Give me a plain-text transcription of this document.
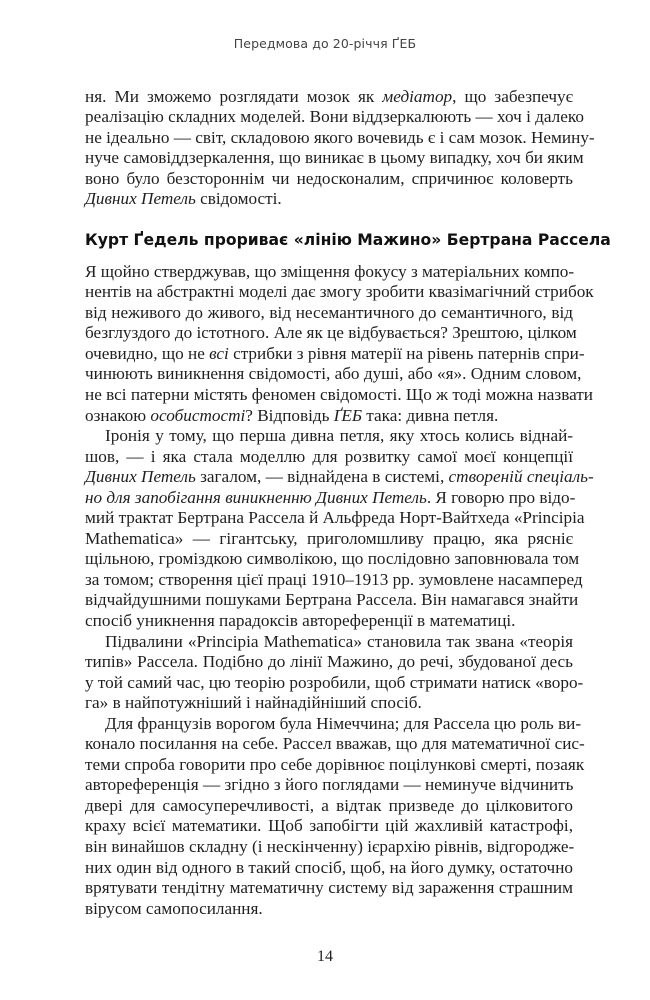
Передмова до 20-річчя ҐЕБ
ня. Ми зможемо розглядати мозок як медіатор, що забезпечує
реалізацію складних моделей. Вони віддзеркалюють — хоч і далеко
не ідеально — світ, складовою якого вочевидь є і сам мозок. Немину-
нуче самовіддзеркалення, що виникає в цьому випадку, хоч би яким
воно було безстороннім чи недосконалим, спричинює коловерть
Дивних Петель свідомості.
Курт Ґедель прориває «лінію Мажино» Бертрана Рассела
Я щойно стверджував, що зміщення фокусу з матеріальних компо-
нентів на абстрактні моделі дає змогу зробити квазімагічний стрибок
від неживого до живого, від несемантичного до семантичного, від
безглуздого до істотного. Але як це відбувається? Зрештою, цілком
очевидно, що не всі стрибки з рівня матерії на рівень патернів спри-
чинюють виникнення свідомості, або душі, або «я». Одним словом,
не всі патерни містять феномен свідомості. Що ж тоді можна назвати
ознакою особистості? Відповідь ҐЕБ така: дивна петля.
Іронія у тому, що перша дивна петля, яку хтось колись віднай-
шов, — і яка стала моделлю для розвитку самої моєї концепції
Дивних Петель загалом, — віднайдена в системі, створеній спеціаль-
но для запобігання виникненню Дивних Петель. Я говорю про відо-
мий трактат Бертрана Рассела й Альфреда Норт-Вайтхеда «Principia
Mathematica» — гігантську, приголомшливу працю, яка рясніє
щільною, громіздкою символікою, що послідовно заповнювала том
за томом; створення цієї праці 1910–1913 рр. зумовлене насамперед
відчайдушними пошуками Бертрана Рассела. Він намагався знайти
спосіб уникнення парадоксів автореференції в математиці.
Підвалини «Principia Mathematica» становила так звана «теорія
типів» Рассела. Подібно до лінії Мажино, до речі, збудованої десь
у той самий час, цю теорію розробили, щоб стримати натиск «воро-
га» в найпотужніший і найнадійніший спосіб.
Для французів ворогом була Німеччина; для Рассела цю роль ви-
конало посилання на себе. Рассел вважав, що для математичної сис-
теми спроба говорити про себе дорівнює поцілункові смерті, позаяк
автореференція — згідно з його поглядами — неминуче відчинить
двері для самосуперечливості, а відтак призведе до цілковитого
краху всієї математики. Щоб запобігти цій жахливій катастрофі,
він винайшов складну (і нескінченну) ієрархію рівнів, відгородже-
них один від одного в такий спосіб, щоб, на його думку, остаточно
врятувати тендітну математичну систему від зараження страшним
вірусом самопосилання.
14
